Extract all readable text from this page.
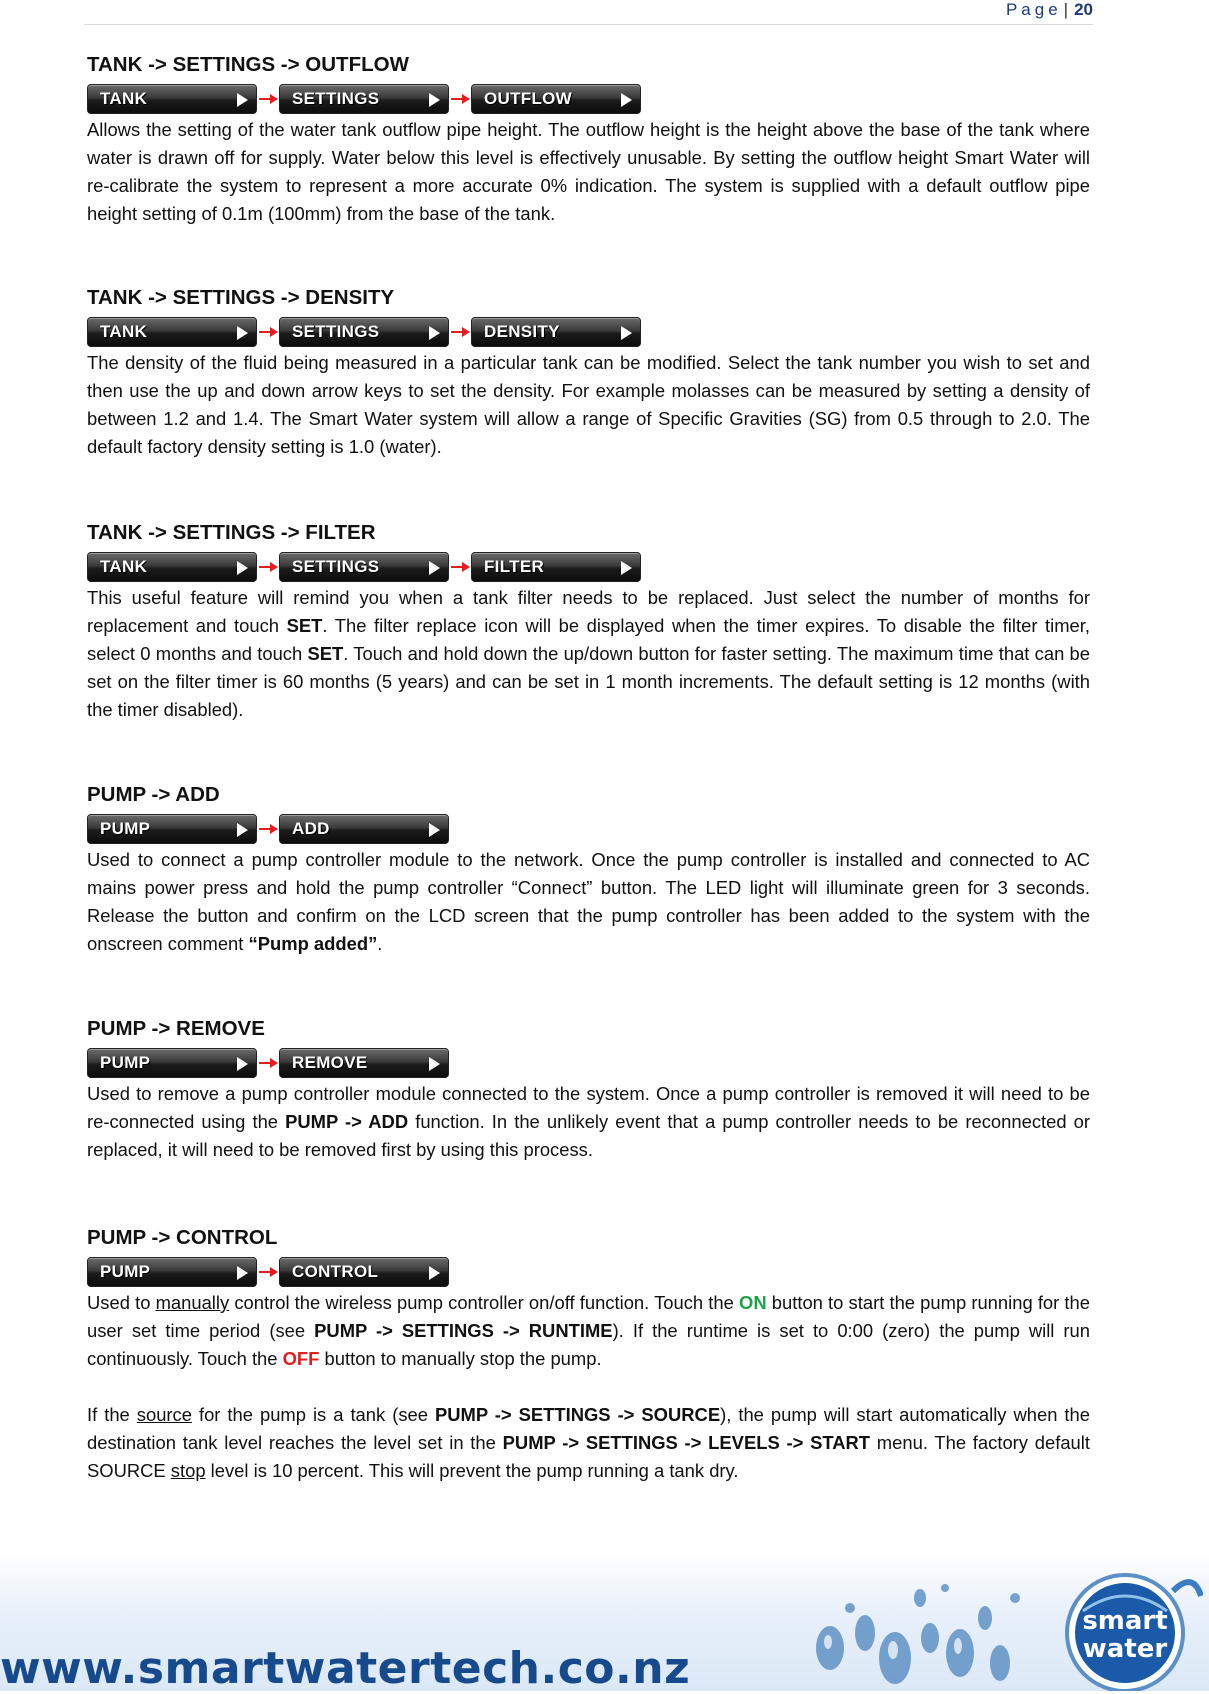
Page | 20
TANK -> SETTINGS -> OUTFLOW
TANK	SETTINGS	OUTFLOW

Allows the setting of the water tank outflow pipe height. The outflow height is the height above the base of the tank where water is drawn off for supply. Water below this level is effectively unusable. By setting the outflow height Smart Water will re-calibrate the system to represent a more accurate 0% indication. The system is supplied with a default outflow pipe height setting of 0.1m (100mm) from the base of the tank.

TANK -> SETTINGS -> DENSITY
TANK	SETTINGS	DENSITY

The density of the fluid being measured in a particular tank can be modified. Select the tank number you wish to set and then use the up and down arrow keys to set the density. For example molasses can be measured by setting a density of between 1.2 and 1.4. The Smart Water system will allow a range of Specific Gravities (SG) from 0.5 through to 2.0. The default factory density setting is 1.0 (water).

TANK -> SETTINGS -> FILTER
TANK	SETTINGS	FILTER

This useful feature will remind you when a tank filter needs to be replaced. Just select the number of months for replacement and touch SET. The filter replace icon will be displayed when the timer expires. To disable the filter timer, select 0 months and touch SET. Touch and hold down the up/down button for faster setting. The maximum time that can be set on the filter timer is 60 months (5 years) and can be set in 1 month increments. The default setting is 12 months (with the timer disabled).

PUMP -> ADD
PUMP	ADD

Used to connect a pump controller module to the network. Once the pump controller is installed and connected to AC mains power press and hold the pump controller “Connect” button. The LED light will illuminate green for 3 seconds. Release the button and confirm on the LCD screen that the pump controller has been added to the system with the onscreen comment “Pump added”.

PUMP -> REMOVE
PUMP	REMOVE

Used to remove a pump controller module connected to the system. Once a pump controller is removed it will need to be re-connected using the PUMP -> ADD function. In the unlikely event that a pump controller needs to be reconnected or replaced, it will need to be removed first by using this process.

PUMP -> CONTROL
PUMP	CONTROL

Used to manually control the wireless pump controller on/off function. Touch the ON button to start the pump running for the user set time period (see PUMP -> SETTINGS -> RUNTIME). If the runtime is set to 0:00 (zero) the pump will run continuously. Touch the OFF button to manually stop the pump.

If the source for the pump is a tank (see PUMP -> SETTINGS -> SOURCE), the pump will start automatically when the destination tank level reaches the level set in the PUMP -> SETTINGS -> LEVELS -> START menu. The factory default SOURCE stop level is 10 percent. This will prevent the pump running a tank dry.

www.smartwatertech.co.nz
smart
water
